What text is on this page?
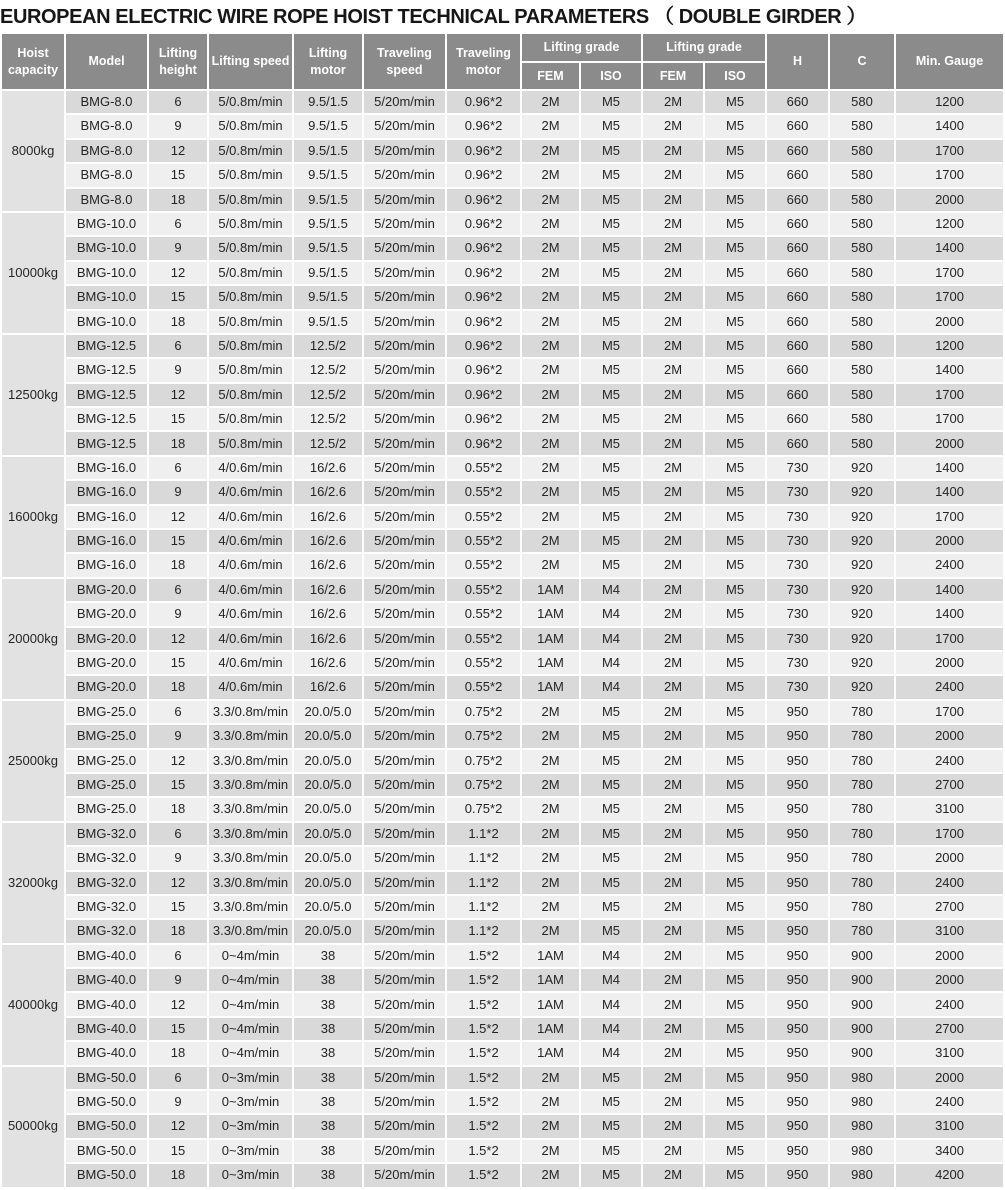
EUROPEAN ELECTRIC WIRE ROPE HOIST TECHNICAL PARAMETERS （ DOUBLE GIRDER ）
Hoist capacity	Model	Lifting height	Lifting speed	Lifting motor	Traveling speed	Traveling motor	Lifting grade		Lifting grade		H	C	Min. Gauge
							FEM	ISO	FEM	ISO			
8000kg	BMG-8.0	6	5/0.8m/min	9.5/1.5	5/20m/min	0.96*2	2M	M5	2M	M5	660	580	1200
	BMG-8.0	9	5/0.8m/min	9.5/1.5	5/20m/min	0.96*2	2M	M5	2M	M5	660	580	1400
	BMG-8.0	12	5/0.8m/min	9.5/1.5	5/20m/min	0.96*2	2M	M5	2M	M5	660	580	1700
	BMG-8.0	15	5/0.8m/min	9.5/1.5	5/20m/min	0.96*2	2M	M5	2M	M5	660	580	1700
	BMG-8.0	18	5/0.8m/min	9.5/1.5	5/20m/min	0.96*2	2M	M5	2M	M5	660	580	2000
10000kg	BMG-10.0	6	5/0.8m/min	9.5/1.5	5/20m/min	0.96*2	2M	M5	2M	M5	660	580	1200
	BMG-10.0	9	5/0.8m/min	9.5/1.5	5/20m/min	0.96*2	2M	M5	2M	M5	660	580	1400
	BMG-10.0	12	5/0.8m/min	9.5/1.5	5/20m/min	0.96*2	2M	M5	2M	M5	660	580	1700
	BMG-10.0	15	5/0.8m/min	9.5/1.5	5/20m/min	0.96*2	2M	M5	2M	M5	660	580	1700
	BMG-10.0	18	5/0.8m/min	9.5/1.5	5/20m/min	0.96*2	2M	M5	2M	M5	660	580	2000
12500kg	BMG-12.5	6	5/0.8m/min	12.5/2	5/20m/min	0.96*2	2M	M5	2M	M5	660	580	1200
	BMG-12.5	9	5/0.8m/min	12.5/2	5/20m/min	0.96*2	2M	M5	2M	M5	660	580	1400
	BMG-12.5	12	5/0.8m/min	12.5/2	5/20m/min	0.96*2	2M	M5	2M	M5	660	580	1700
	BMG-12.5	15	5/0.8m/min	12.5/2	5/20m/min	0.96*2	2M	M5	2M	M5	660	580	1700
	BMG-12.5	18	5/0.8m/min	12.5/2	5/20m/min	0.96*2	2M	M5	2M	M5	660	580	2000
16000kg	BMG-16.0	6	4/0.6m/min	16/2.6	5/20m/min	0.55*2	2M	M5	2M	M5	730	920	1400
	BMG-16.0	9	4/0.6m/min	16/2.6	5/20m/min	0.55*2	2M	M5	2M	M5	730	920	1400
	BMG-16.0	12	4/0.6m/min	16/2.6	5/20m/min	0.55*2	2M	M5	2M	M5	730	920	1700
	BMG-16.0	15	4/0.6m/min	16/2.6	5/20m/min	0.55*2	2M	M5	2M	M5	730	920	2000
	BMG-16.0	18	4/0.6m/min	16/2.6	5/20m/min	0.55*2	2M	M5	2M	M5	730	920	2400
20000kg	BMG-20.0	6	4/0.6m/min	16/2.6	5/20m/min	0.55*2	1AM	M4	2M	M5	730	920	1400
	BMG-20.0	9	4/0.6m/min	16/2.6	5/20m/min	0.55*2	1AM	M4	2M	M5	730	920	1400
	BMG-20.0	12	4/0.6m/min	16/2.6	5/20m/min	0.55*2	1AM	M4	2M	M5	730	920	1700
	BMG-20.0	15	4/0.6m/min	16/2.6	5/20m/min	0.55*2	1AM	M4	2M	M5	730	920	2000
	BMG-20.0	18	4/0.6m/min	16/2.6	5/20m/min	0.55*2	1AM	M4	2M	M5	730	920	2400
25000kg	BMG-25.0	6	3.3/0.8m/min	20.0/5.0	5/20m/min	0.75*2	2M	M5	2M	M5	950	780	1700
	BMG-25.0	9	3.3/0.8m/min	20.0/5.0	5/20m/min	0.75*2	2M	M5	2M	M5	950	780	2000
	BMG-25.0	12	3.3/0.8m/min	20.0/5.0	5/20m/min	0.75*2	2M	M5	2M	M5	950	780	2400
	BMG-25.0	15	3.3/0.8m/min	20.0/5.0	5/20m/min	0.75*2	2M	M5	2M	M5	950	780	2700
	BMG-25.0	18	3.3/0.8m/min	20.0/5.0	5/20m/min	0.75*2	2M	M5	2M	M5	950	780	3100
32000kg	BMG-32.0	6	3.3/0.8m/min	20.0/5.0	5/20m/min	1.1*2	2M	M5	2M	M5	950	780	1700
	BMG-32.0	9	3.3/0.8m/min	20.0/5.0	5/20m/min	1.1*2	2M	M5	2M	M5	950	780	2000
	BMG-32.0	12	3.3/0.8m/min	20.0/5.0	5/20m/min	1.1*2	2M	M5	2M	M5	950	780	2400
	BMG-32.0	15	3.3/0.8m/min	20.0/5.0	5/20m/min	1.1*2	2M	M5	2M	M5	950	780	2700
	BMG-32.0	18	3.3/0.8m/min	20.0/5.0	5/20m/min	1.1*2	2M	M5	2M	M5	950	780	3100
40000kg	BMG-40.0	6	0~4m/min	38	5/20m/min	1.5*2	1AM	M4	2M	M5	950	900	2000
	BMG-40.0	9	0~4m/min	38	5/20m/min	1.5*2	1AM	M4	2M	M5	950	900	2000
	BMG-40.0	12	0~4m/min	38	5/20m/min	1.5*2	1AM	M4	2M	M5	950	900	2400
	BMG-40.0	15	0~4m/min	38	5/20m/min	1.5*2	1AM	M4	2M	M5	950	900	2700
	BMG-40.0	18	0~4m/min	38	5/20m/min	1.5*2	1AM	M4	2M	M5	950	900	3100
50000kg	BMG-50.0	6	0~3m/min	38	5/20m/min	1.5*2	2M	M5	2M	M5	950	980	2000
	BMG-50.0	9	0~3m/min	38	5/20m/min	1.5*2	2M	M5	2M	M5	950	980	2400
	BMG-50.0	12	0~3m/min	38	5/20m/min	1.5*2	2M	M5	2M	M5	950	980	3100
	BMG-50.0	15	0~3m/min	38	5/20m/min	1.5*2	2M	M5	2M	M5	950	980	3400
	BMG-50.0	18	0~3m/min	38	5/20m/min	1.5*2	2M	M5	2M	M5	950	980	4200
